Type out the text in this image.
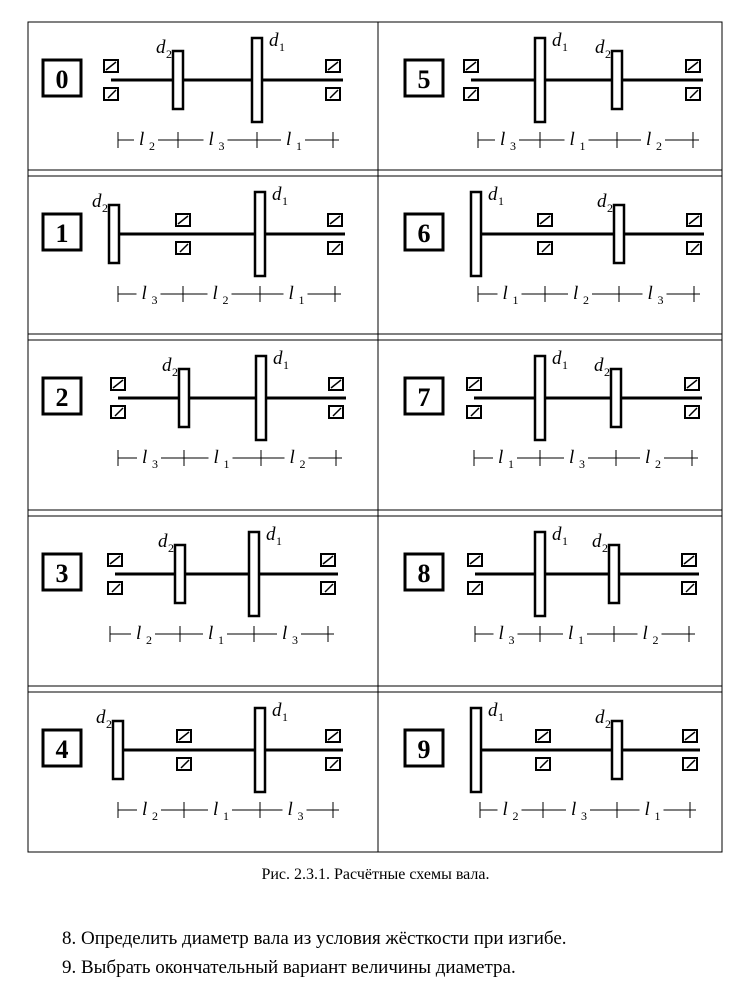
0
d 2
d 1
l 2	l 3	l 1
5
d 1 d 2
l 3	l 1	l 2
1
d 2
d 1
l 3	l 2	l 1
6
d 1	d 2
l 1	l 2	l 3
2
d 2
d 1
l 3	l 1	l 2
7
d 1 d 2
l 1	l 3	l 2
3
d 2
d 1
l 2	l 1	l 3
8
d 1 d 2
l 3	l 1	l 2
4
d 2
d 1
l 2	l 1	l 3
9
d 1	d 2
l 2	l 3	l 1
Рис. 2.3.1. Расчётные схемы вала.
8. Определить диаметр вала из условия жёсткости при изгибе.
9. Выбрать окончательный вариант величины диаметра.
